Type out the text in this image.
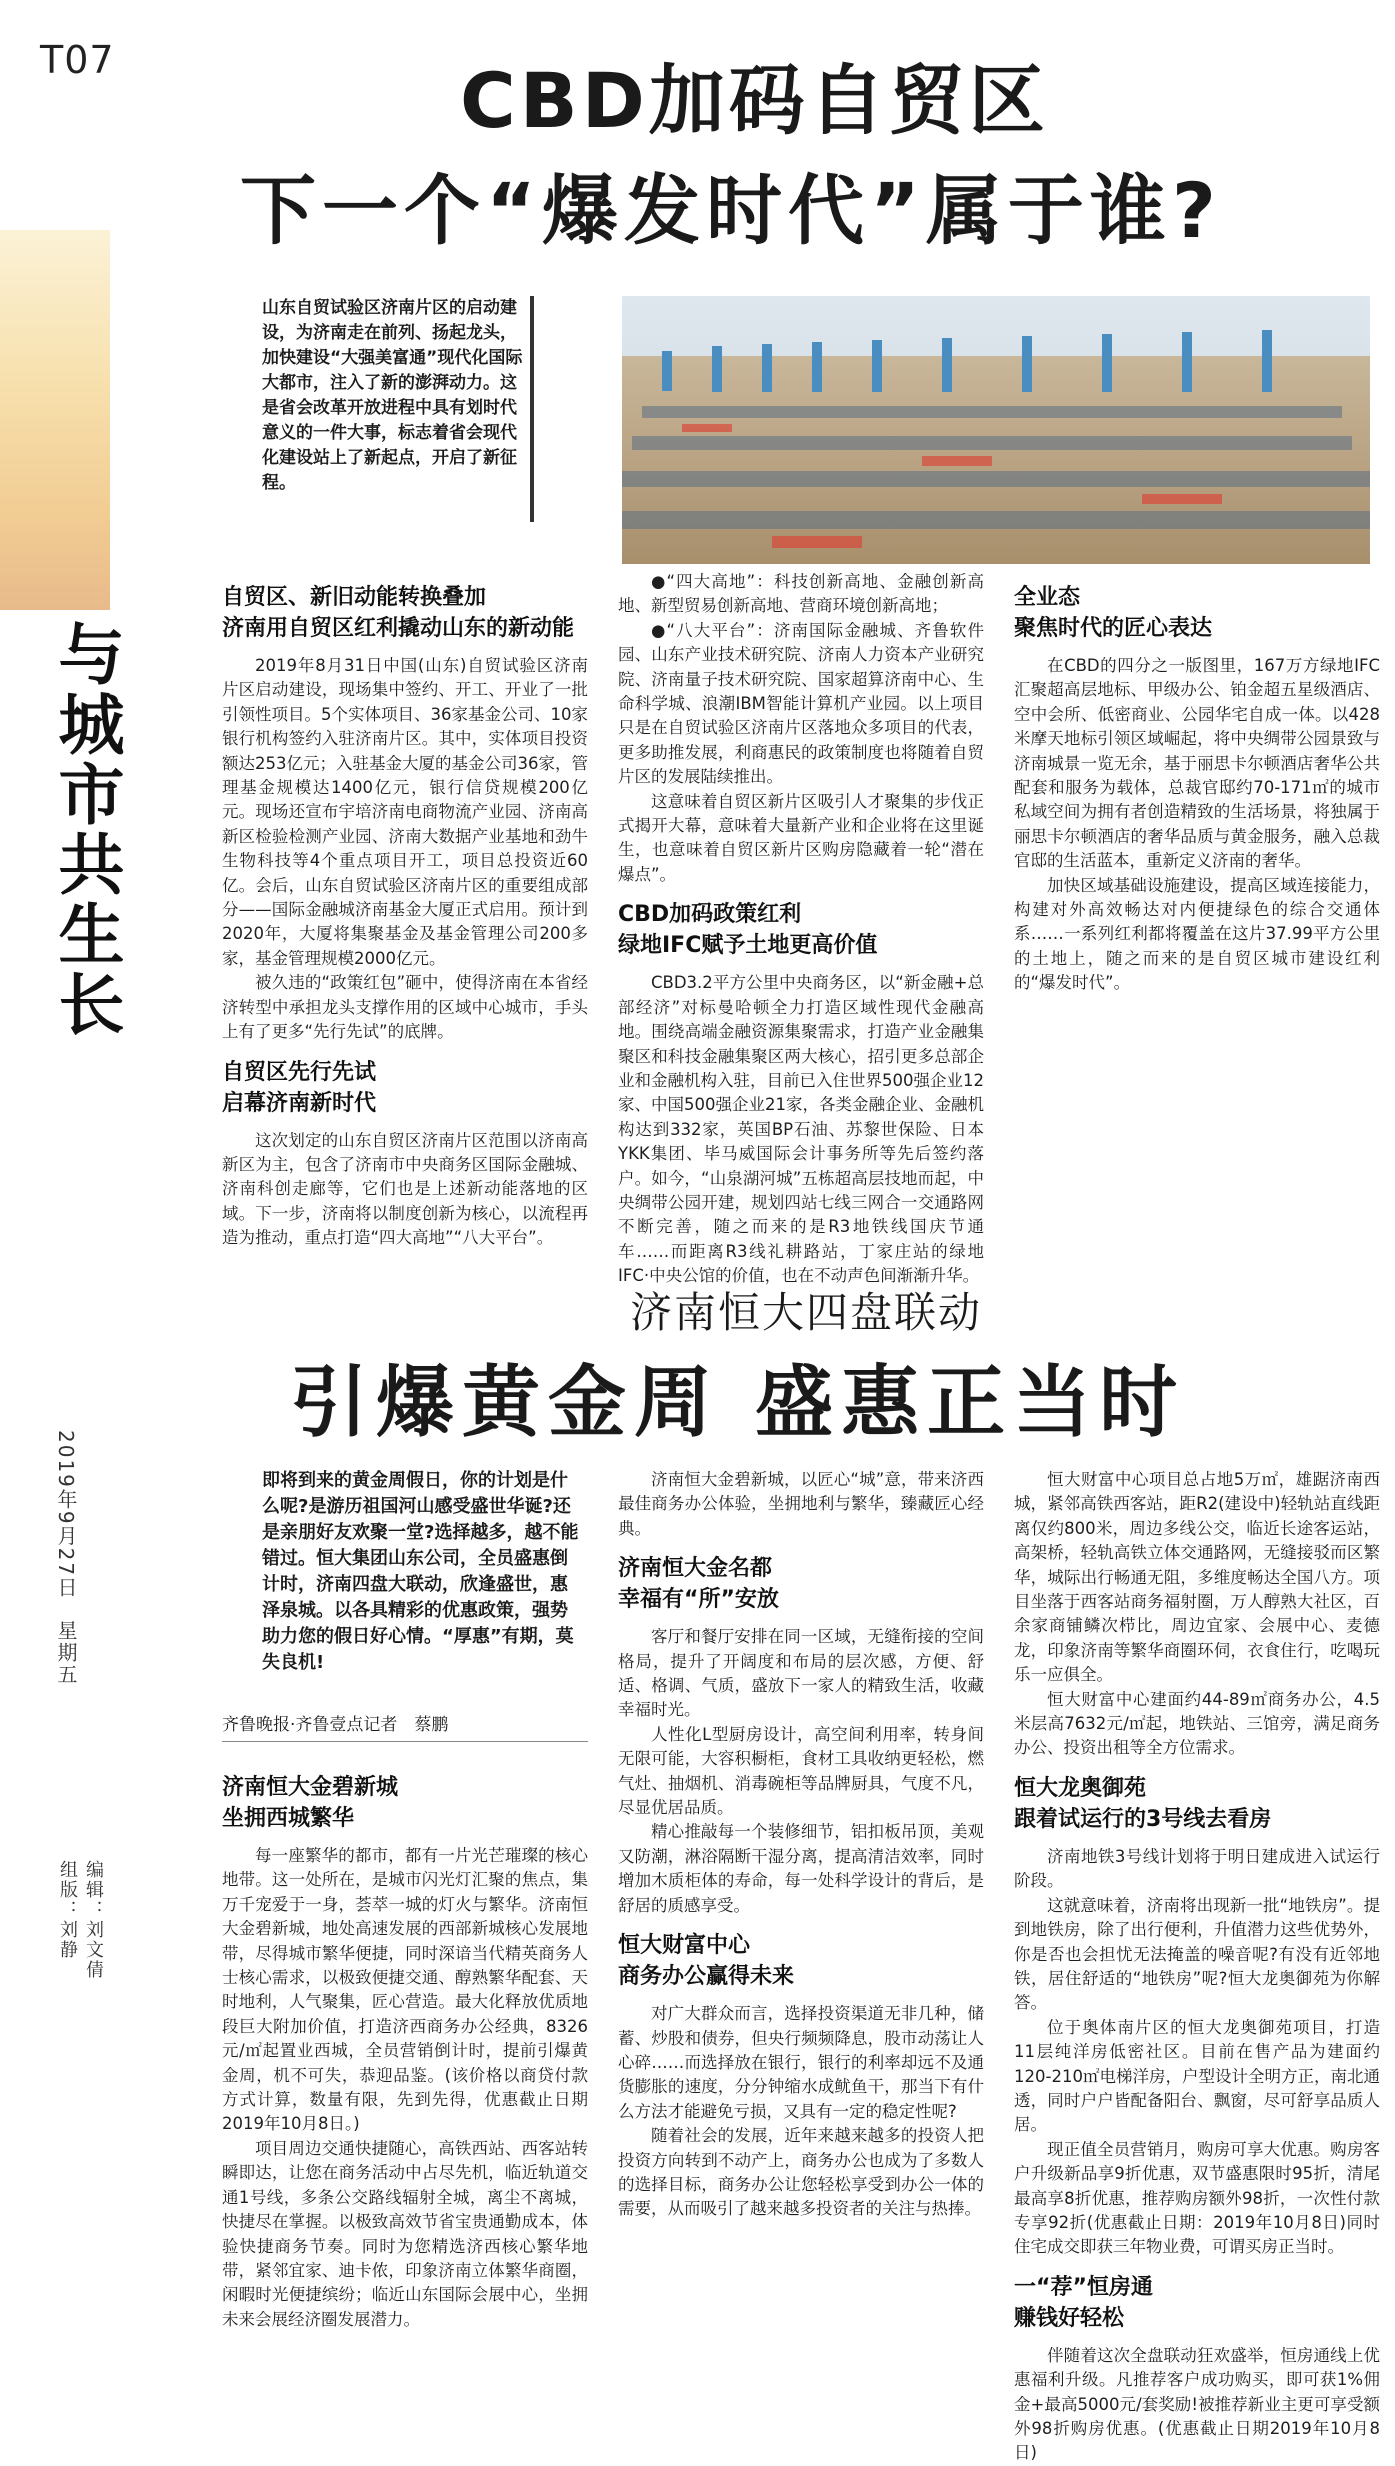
T07
与城市共生长
2019年9月27日
星期五
编辑：刘文倩
组版：刘静
CBD加码自贸区
下一个“爆发时代”属于谁?
山东自贸试验区济南片区的启动建设，为济南走在前列、扬起龙头，加快建设“大强美富通”现代化国际大都市，注入了新的澎湃动力。这是省会改革开放进程中具有划时代意义的一件大事，标志着省会现代化建设站上了新起点，开启了新征程。
自贸区、新旧动能转换叠加
济南用自贸区红利撬动山东的新动能

2019年8月31日中国(山东)自贸试验区济南片区启动建设，现场集中签约、开工、开业了一批引领性项目。5个实体项目、36家基金公司、10家银行机构签约入驻济南片区。其中，实体项目投资额达253亿元；入驻基金大厦的基金公司36家，管理基金规模达1400亿元，银行信贷规模200亿元。现场还宣布宇培济南电商物流产业园、济南高新区检验检测产业园、济南大数据产业基地和劲牛生物科技等4个重点项目开工，项目总投资近60亿。会后，山东自贸试验区济南片区的重要组成部分——国际金融城济南基金大厦正式启用。预计到2020年，大厦将集聚基金及基金管理公司200多家，基金管理规模2000亿元。

被久违的“政策红包”砸中，使得济南在本省经济转型中承担龙头支撑作用的区域中心城市，手头上有了更多“先行先试”的底牌。

自贸区先行先试
启幕济南新时代

这次划定的山东自贸区济南片区范围以济南高新区为主，包含了济南市中央商务区国际金融城、济南科创走廊等，它们也是上述新动能落地的区域。下一步，济南将以制度创新为核心，以流程再造为推动，重点打造“四大高地”“八大平台”。

●“四大高地”：科技创新高地、金融创新高地、新型贸易创新高地、营商环境创新高地；

●“八大平台”：济南国际金融城、齐鲁软件园、山东产业技术研究院、济南人力资本产业研究院、济南量子技术研究院、国家超算济南中心、生命科学城、浪潮IBM智能计算机产业园。以上项目只是在自贸试验区济南片区落地众多项目的代表，更多助推发展，利商惠民的政策制度也将随着自贸片区的发展陆续推出。

这意味着自贸区新片区吸引人才聚集的步伐正式揭开大幕，意味着大量新产业和企业将在这里诞生，也意味着自贸区新片区购房隐藏着一轮“潜在爆点”。

CBD加码政策红利
绿地IFC赋予土地更高价值

CBD3.2平方公里中央商务区，以“新金融+总部经济”对标曼哈顿全力打造区域性现代金融高地。围绕高端金融资源集聚需求，打造产业金融集聚区和科技金融集聚区两大核心，招引更多总部企业和金融机构入驻，目前已入住世界500强企业12家、中国500强企业21家，各类金融企业、金融机构达到332家，英国BP石油、苏黎世保险、日本YKK集团、毕马威国际会计事务所等先后签约落户。如今，“山泉湖河城”五栋超高层技地而起，中央绸带公园开建，规划四站七线三网合一交通路网不断完善，随之而来的是R3地铁线国庆节通车……而距离R3线礼耕路站，丁家庄站的绿地IFC·中央公馆的价值，也在不动声色间渐渐升华。

全业态
聚焦时代的匠心表达

在CBD的四分之一版图里，167万方绿地IFC汇聚超高层地标、甲级办公、铂金超五星级酒店、空中会所、低密商业、公园华宅自成一体。以428米摩天地标引领区域崛起，将中央绸带公园景致与济南城景一览无余，基于丽思卡尔顿酒店奢华公共配套和服务为载体，总裁官邸约70-171㎡的城市私域空间为拥有者创造精致的生活场景，将独属于丽思卡尔顿酒店的奢华品质与黄金服务，融入总裁官邸的生活蓝本，重新定义济南的奢华。

加快区域基础设施建设，提高区域连接能力，构建对外高效畅达对内便捷绿色的综合交通体系……一系列红利都将覆盖在这片37.99平方公里的土地上，随之而来的是自贸区城市建设红利的“爆发时代”。

济南恒大四盘联动
引爆黄金周 盛惠正当时
即将到来的黄金周假日，你的计划是什么呢?是游历祖国河山感受盛世华诞?还是亲朋好友欢聚一堂?选择越多，越不能错过。恒大集团山东公司，全员盛惠倒计时，济南四盘大联动，欣逢盛世，惠泽泉城。以各具精彩的优惠政策，强势助力您的假日好心情。“厚惠”有期，莫失良机!
齐鲁晚报·齐鲁壹点记者　蔡鹏
济南恒大金碧新城
坐拥西城繁华

每一座繁华的都市，都有一片光芒璀璨的核心地带。这一处所在，是城市闪光灯汇聚的焦点，集万千宠爱于一身，荟萃一城的灯火与繁华。济南恒大金碧新城，地处高速发展的西部新城核心发展地带，尽得城市繁华便捷，同时深谙当代精英商务人士核心需求，以极致便捷交通、醇熟繁华配套、天时地利，人气聚集，匠心营造。最大化释放优质地段巨大附加价值，打造济西商务办公经典，8326元/㎡起置业西城，全员营销倒计时，提前引爆黄金周，机不可失，恭迎品鉴。(该价格以商贷付款方式计算，数量有限，先到先得，优惠截止日期2019年10月8日。)

项目周边交通快捷随心，高铁西站、西客站转瞬即达，让您在商务活动中占尽先机，临近轨道交通1号线，多条公交路线辐射全城，离尘不离城，快捷尽在掌握。以极致高效节省宝贵通勤成本，体验快捷商务节奏。同时为您精选济西核心繁华地带，紧邻宜家、迪卡侬，印象济南立体繁华商圈，闲暇时光便捷缤纷；临近山东国际会展中心，坐拥未来会展经济圈发展潜力。

济南恒大金碧新城，以匠心“城”意，带来济西最佳商务办公体验，坐拥地利与繁华，臻藏匠心经典。

济南恒大金名都
幸福有“所”安放

客厅和餐厅安排在同一区域，无缝衔接的空间格局，提升了开阔度和布局的层次感，方便、舒适、格调、气质，盛放下一家人的精致生活，收藏幸福时光。

人性化L型厨房设计，高空间利用率，转身间无限可能，大容积橱柜，食材工具收纳更轻松，燃气灶、抽烟机、消毒碗柜等品牌厨具，气度不凡，尽显优居品质。

精心推敲每一个装修细节，铝扣板吊顶，美观又防潮，淋浴隔断干湿分离，提高清洁效率，同时增加木质柜体的寿命，每一处科学设计的背后，是舒居的质感享受。

恒大财富中心
商务办公赢得未来

对广大群众而言，选择投资渠道无非几种，储蓄、炒股和债券，但央行频频降息，股市动荡让人心碎……而选择放在银行，银行的利率却远不及通货膨胀的速度，分分钟缩水成鱿鱼干，那当下有什么方法才能避免亏损，又具有一定的稳定性呢?

随着社会的发展，近年来越来越多的投资人把投资方向转到不动产上，商务办公也成为了多数人的选择目标，商务办公让您轻松享受到办公一体的需要，从而吸引了越来越多投资者的关注与热捧。

恒大财富中心项目总占地5万㎡，雄踞济南西城，紧邻高铁西客站，距R2(建设中)轻轨站直线距离仅约800米，周边多线公交，临近长途客运站，高架桥，轻轨高铁立体交通路网，无缝接驳而区繁华，城际出行畅通无阻，多维度畅达全国八方。项目坐落于西客站商务福射圈，万人醇熟大社区，百余家商铺鳞次栉比，周边宜家、会展中心、麦德龙，印象济南等繁华商圈环伺，衣食住行，吃喝玩乐一应俱全。

恒大财富中心建面约44-89㎡商务办公，4.5米层高7632元/㎡起，地铁站、三馆旁，满足商务办公、投资出租等全方位需求。

恒大龙奥御苑
跟着试运行的3号线去看房

济南地铁3号线计划将于明日建成进入试运行阶段。

这就意味着，济南将出现新一批“地铁房”。提到地铁房，除了出行便利，升值潜力这些优势外，你是否也会担忧无法掩盖的噪音呢?有没有近邻地铁，居住舒适的“地铁房”呢?恒大龙奥御苑为你解答。

位于奥体南片区的恒大龙奥御苑项目，打造11层纯洋房低密社区。目前在售产品为建面约120-210㎡电梯洋房，户型设计全明方正，南北通透，同时户户皆配备阳台、飘窗，尽可舒享品质人居。

现正值全员营销月，购房可享大优惠。购房客户升级新品享9折优惠，双节盛惠限时95折，清尾最高享8折优惠，推荐购房额外98折，一次性付款专享92折(优惠截止日期：2019年10月8日)同时住宅成交即获三年物业费，可谓买房正当时。

一“荐”恒房通
赚钱好轻松

伴随着这次全盘联动狂欢盛举，恒房通线上优惠福利升级。凡推荐客户成功购买，即可获1%佣金+最高5000元/套奖励!被推荐新业主更可享受额外98折购房优惠。(优惠截止日期2019年10月8日)
